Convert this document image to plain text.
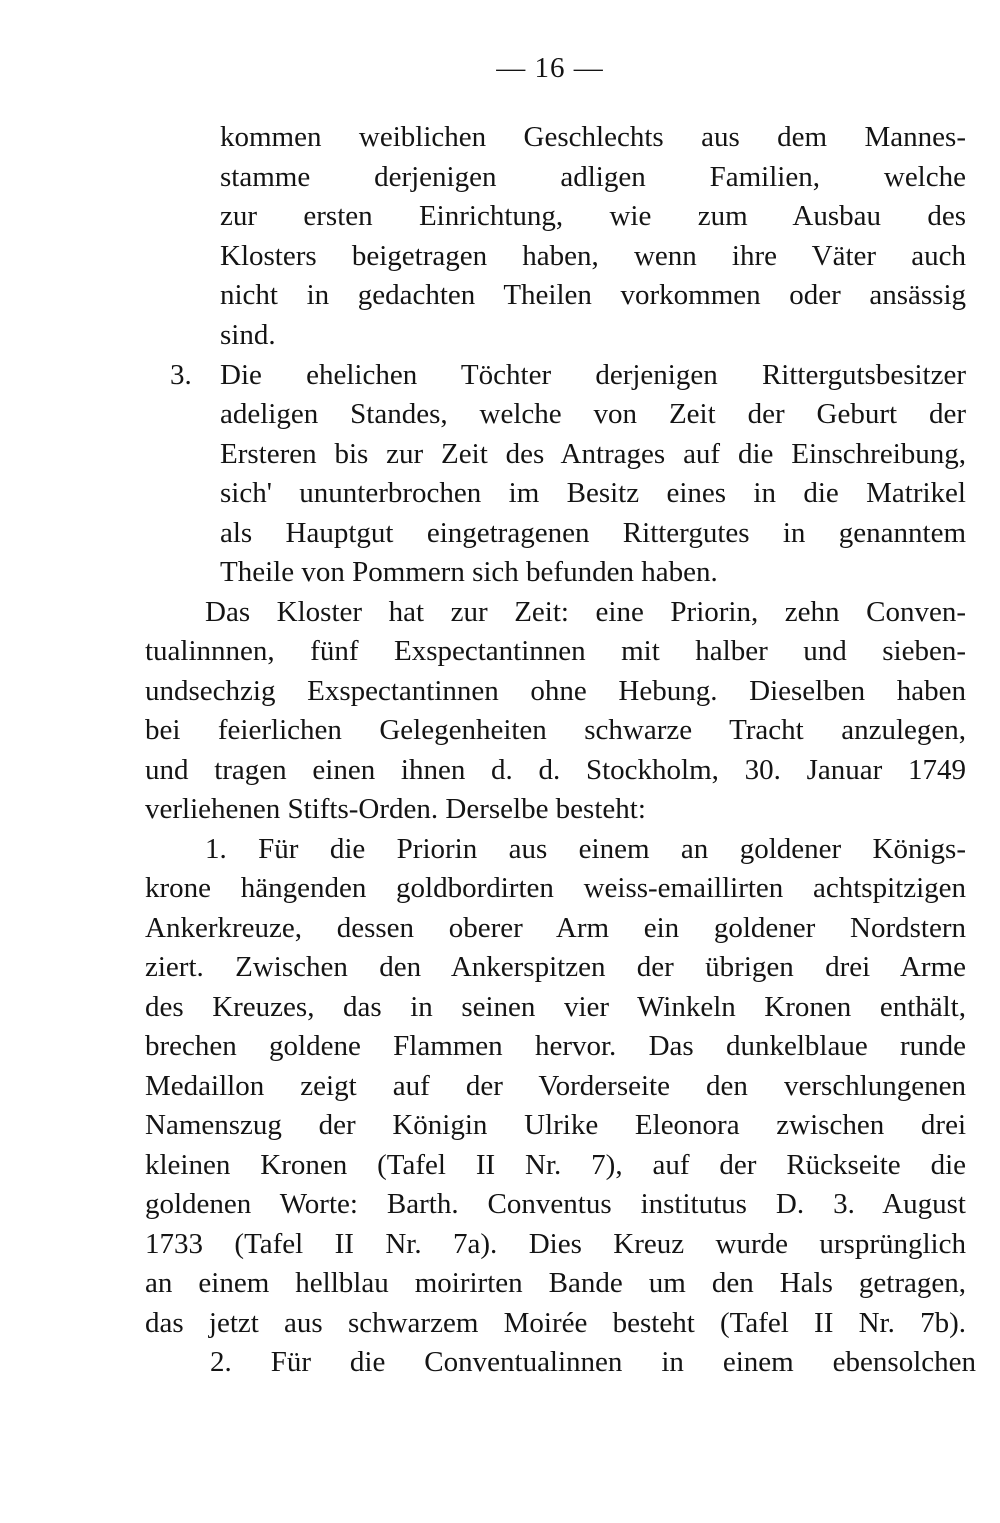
— 16 —
kommen weiblichen Geschlechts aus dem Mannes-
stamme derjenigen adligen Familien, welche
zur ersten Einrichtung, wie zum Ausbau des
Klosters beigetragen haben, wenn ihre Väter auch
nicht in gedachten Theilen vorkommen oder ansässig
sind.
3. Die ehelichen Töchter derjenigen Rittergutsbesitzer
adeligen Standes, welche von Zeit der Geburt der
Ersteren bis zur Zeit des Antrages auf die Einschreibung,
sich' ununterbrochen im Besitz eines in die Matrikel
als Hauptgut eingetragenen Rittergutes in genanntem
Theile von Pommern sich befunden haben.
Das Kloster hat zur Zeit: eine Priorin, zehn Conven-
tualinnnen, fünf Exspectantinnen mit halber und sieben-
undsechzig Exspectantinnen ohne Hebung. Dieselben haben
bei feierlichen Gelegenheiten schwarze Tracht anzulegen,
und tragen einen ihnen d. d. Stockholm, 30. Januar 1749
verliehenen Stifts-Orden. Derselbe besteht:
1. Für die Priorin aus einem an goldener Königs-
krone hängenden goldbordirten weiss-emaillirten achtspitzigen
Ankerkreuze, dessen oberer Arm ein goldener Nordstern
ziert. Zwischen den Ankerspitzen der übrigen drei Arme
des Kreuzes, das in seinen vier Winkeln Kronen enthält,
brechen goldene Flammen hervor. Das dunkelblaue runde
Medaillon zeigt auf der Vorderseite den verschlungenen
Namenszug der Königin Ulrike Eleonora zwischen drei
kleinen Kronen (Tafel II Nr. 7), auf der Rückseite die
goldenen Worte: Barth. Conventus institutus D. 3. August
1733 (Tafel II Nr. 7a). Dies Kreuz wurde ursprünglich
an einem hellblau moirirten Bande um den Hals getragen,
das jetzt aus schwarzem Moirée besteht (Tafel II Nr. 7b).
2. Für die Conventualinnen in einem ebensolchen
